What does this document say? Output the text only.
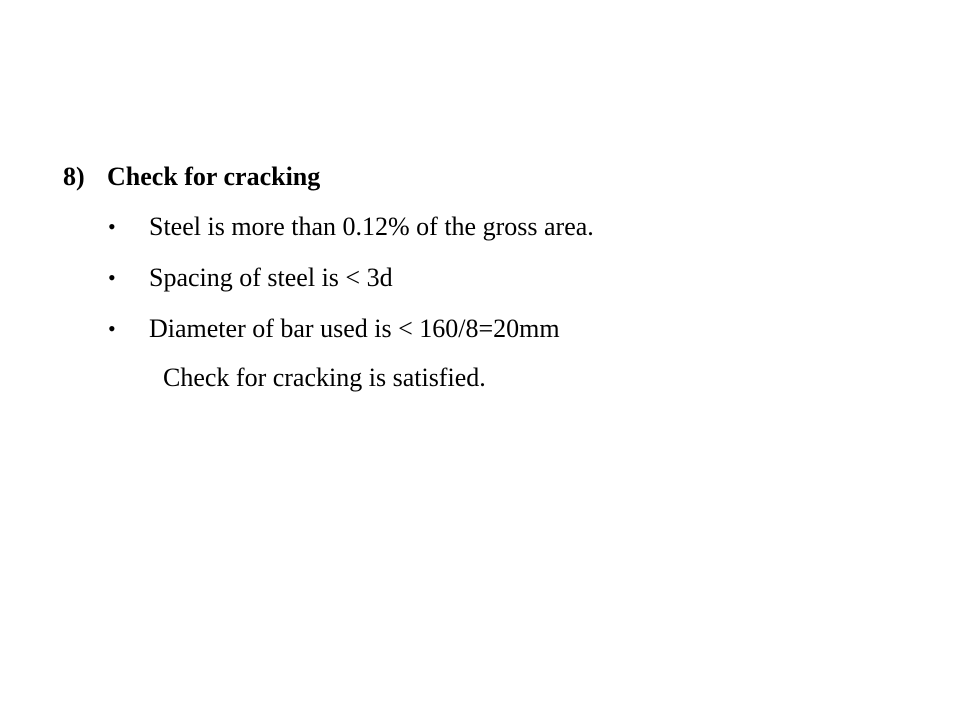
8) Check for cracking
• Steel is more than 0.12% of the gross area.
• Spacing of steel is < 3d
• Diameter of bar used is < 160/8=20mm
Check for cracking is satisfied.
